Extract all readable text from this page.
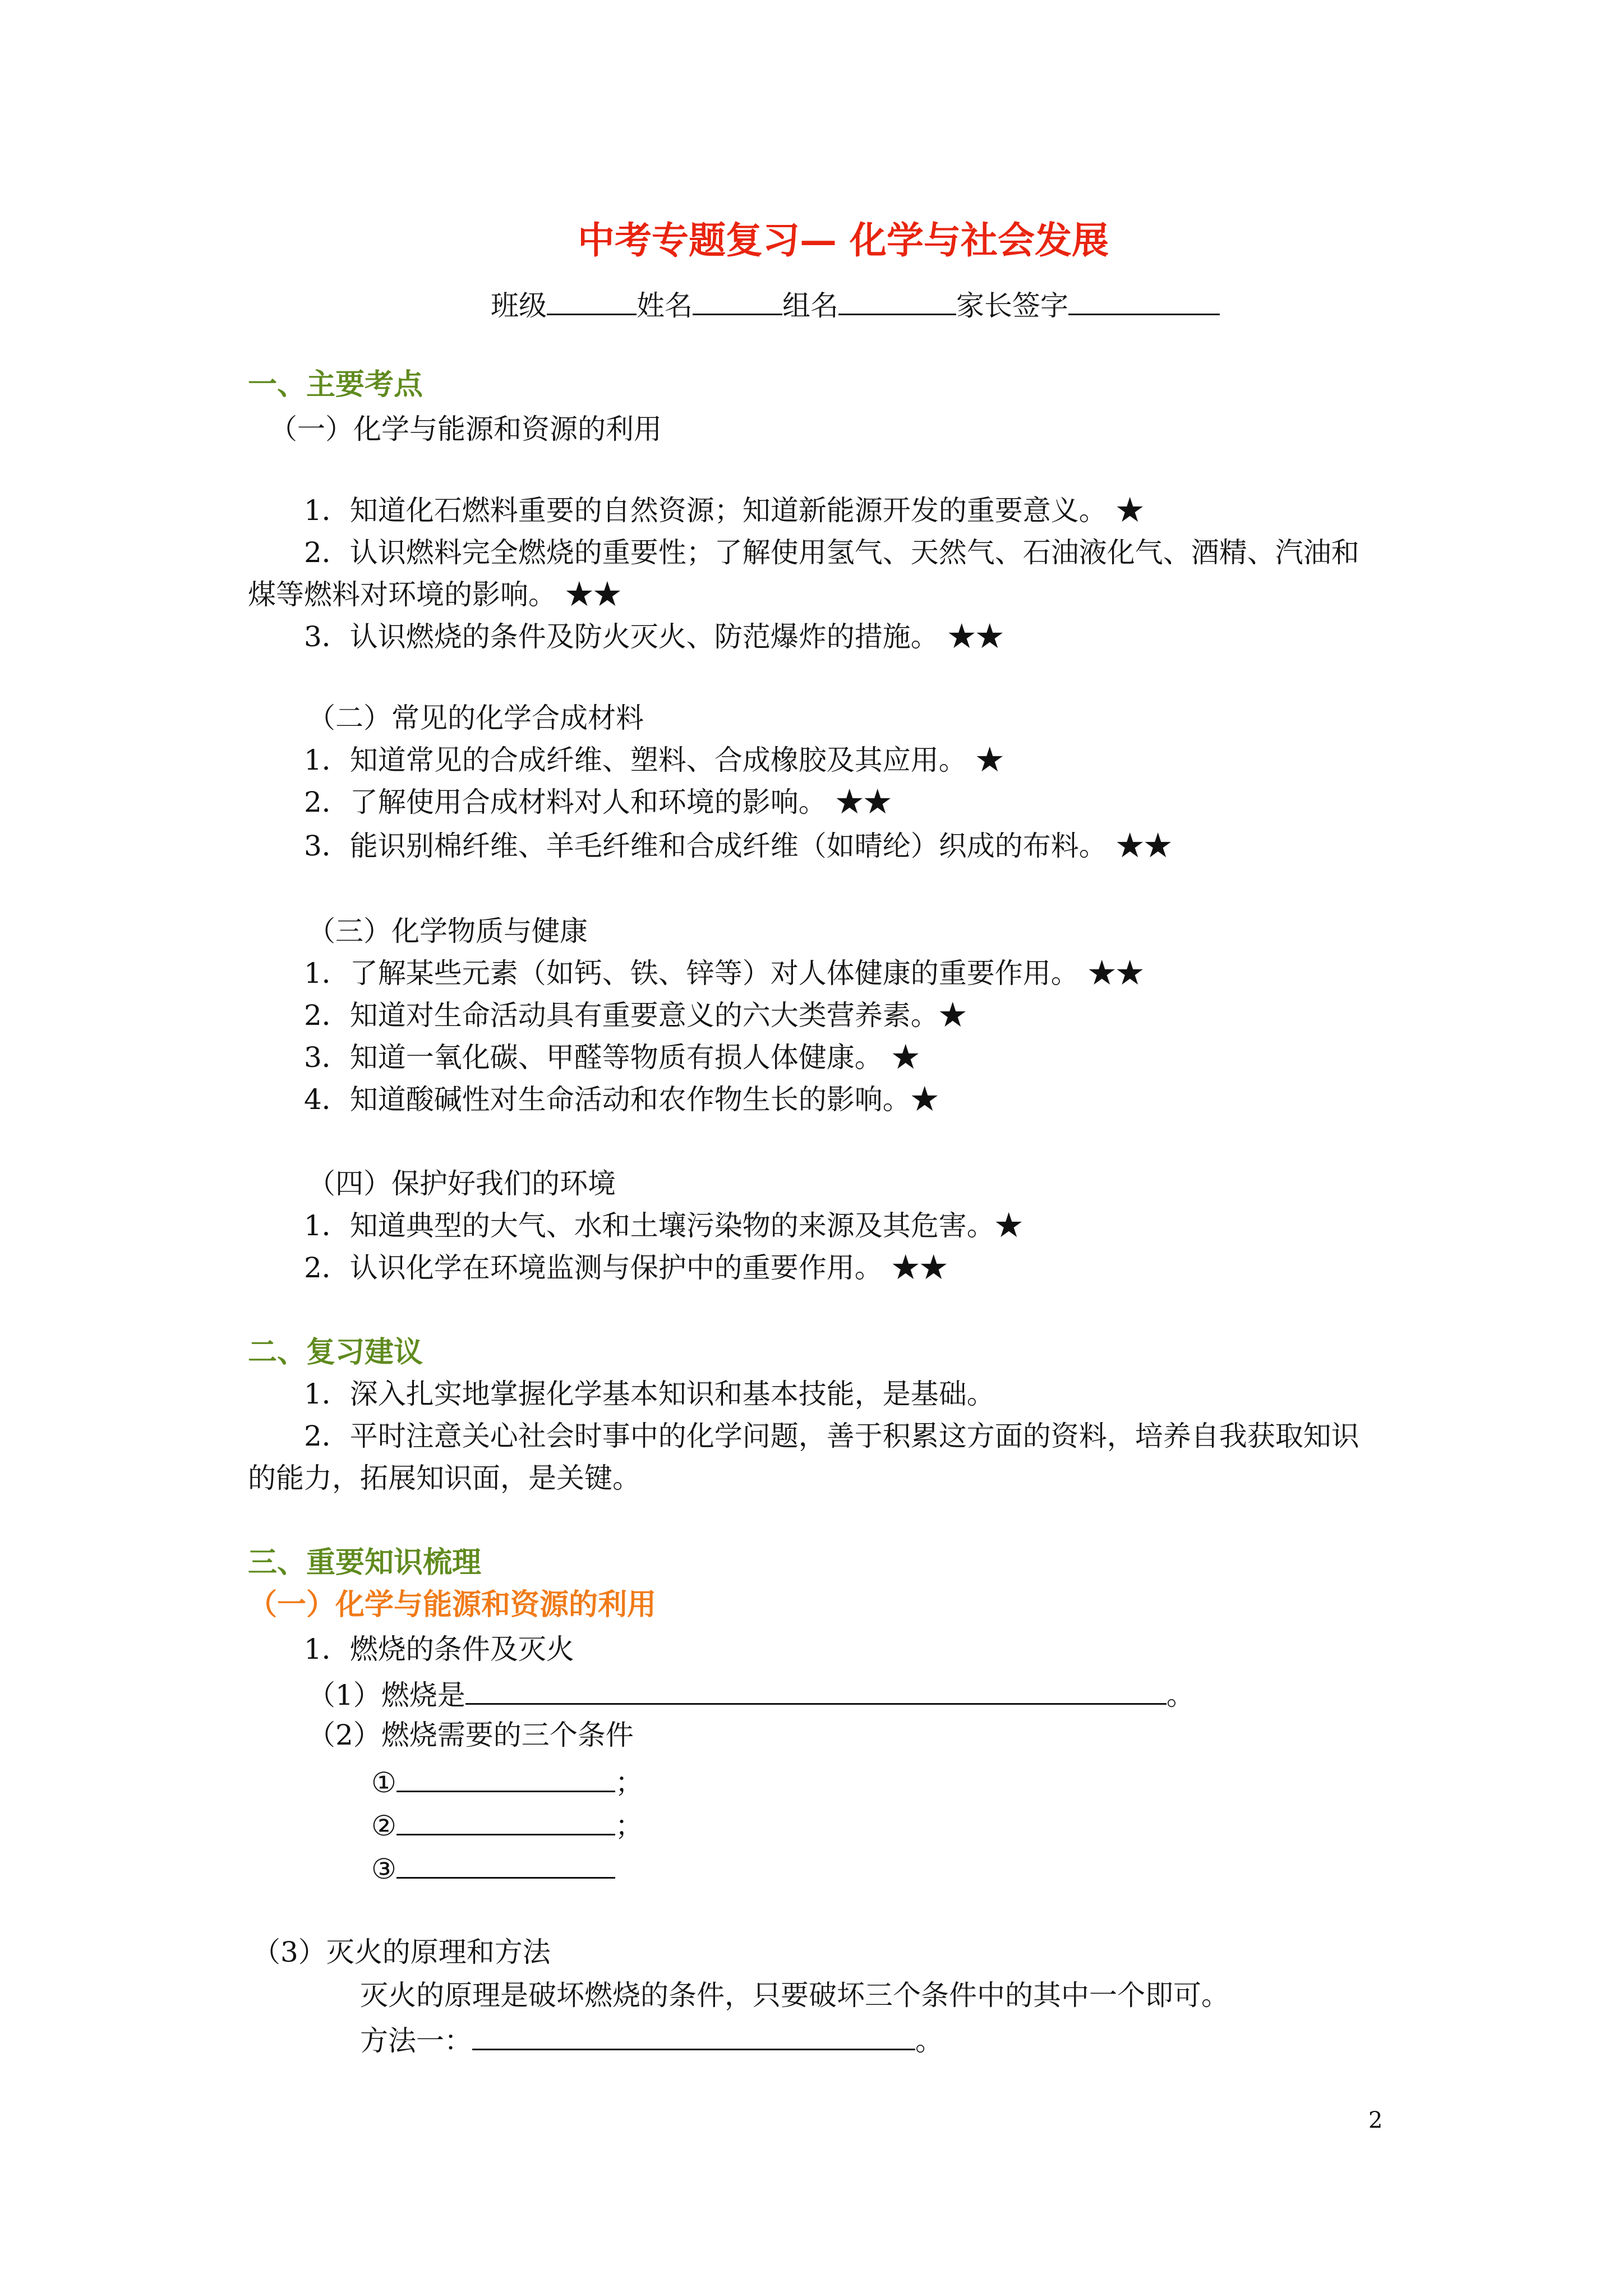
中考专题复习— 化学与社会发展
班级	姓名	组名	家长签字
一、主要考点
（一）化学与能源和资源的利用
1．知道化石燃料重要的自然资源；知道新能源开发的重要意义。 ★
2．认识燃料完全燃烧的重要性；了解使用氢气、天然气、石油液化气、酒精、汽油和
煤等燃料对环境的影响。 ★★
3．认识燃烧的条件及防火灭火、防范爆炸的措施。 ★★
（二）常见的化学合成材料
1．知道常见的合成纤维、塑料、合成橡胶及其应用。 ★
2．了解使用合成材料对人和环境的影响。 ★★
3．能识别棉纤维、羊毛纤维和合成纤维（如晴纶）织成的布料。 ★★
（三）化学物质与健康
1．了解某些元素（如钙、铁、锌等）对人体健康的重要作用。 ★★
2．知道对生命活动具有重要意义的六大类营养素。★
3．知道一氧化碳、甲醛等物质有损人体健康。 ★
4．知道酸碱性对生命活动和农作物生长的影响。★
（四）保护好我们的环境
1．知道典型的大气、水和土壤污染物的来源及其危害。★
2．认识化学在环境监测与保护中的重要作用。 ★★
二、复习建议
1．深入扎实地掌握化学基本知识和基本技能，是基础。
2．平时注意关心社会时事中的化学问题，善于积累这方面的资料，培养自我获取知识
的能力，拓展知识面，是关键。
三、重要知识梳理
（一）化学与能源和资源的利用
1．燃烧的条件及灭火
（1）燃烧是	。
（2）燃烧需要的三个条件
①	；
②	；
③
（3）灭火的原理和方法
灭火的原理是破坏燃烧的条件，只要破坏三个条件中的其中一个即可。
方法一：	。
2
